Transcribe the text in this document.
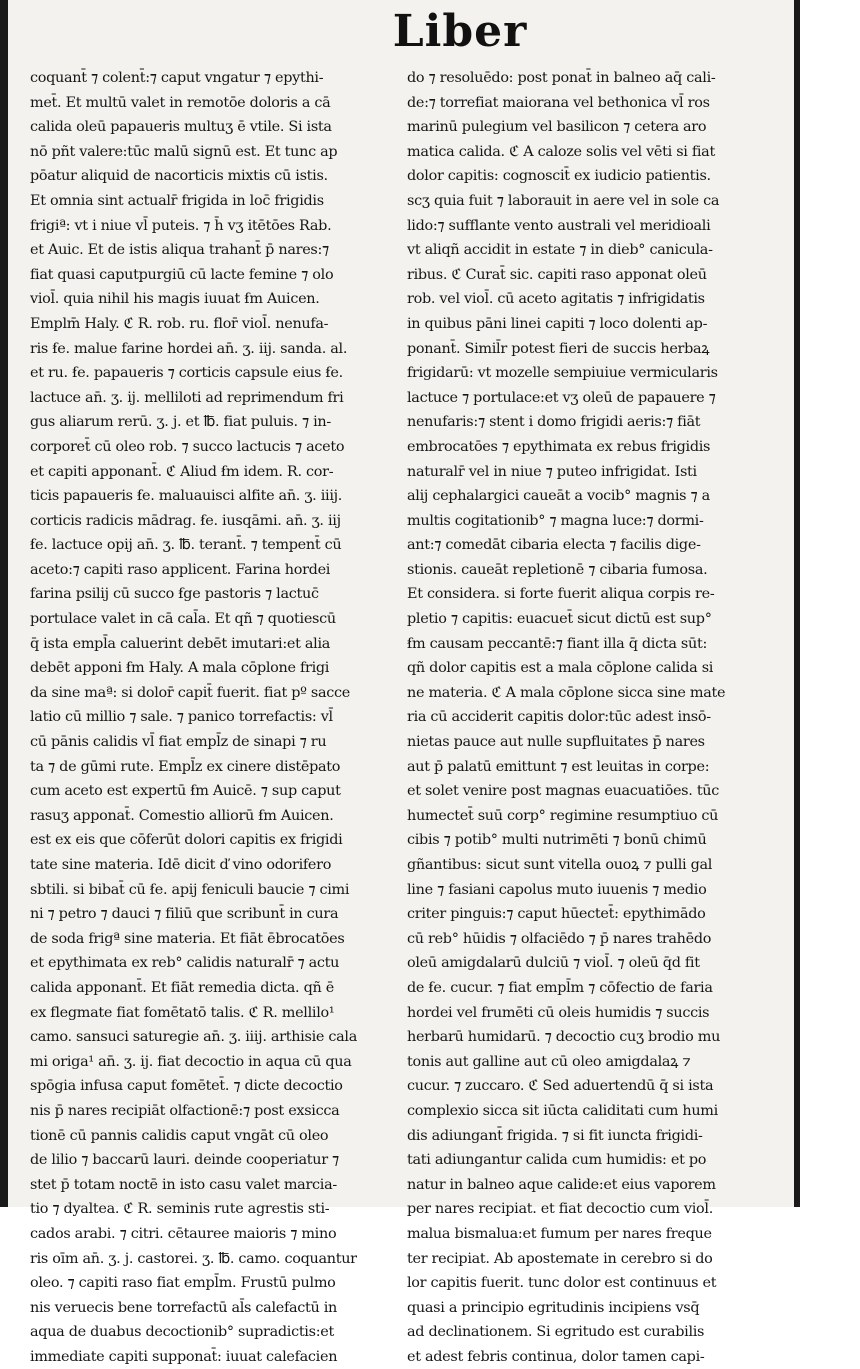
Liber
coquant̄ ⁊ colent̄:⁊ caput vngatur ⁊ epythi-
met̄. Et multū valet in remotōe doloris a cā
calida oleū papaueris multuʒ ē vtile. Si ista
nō pñt valere:tūc malū signū est. Et tunc ap
pōatur aliquid de nacorticis mixtis cū istis.
Et omnia sint actualr̄ frigida in loc̄ frigidis
frigiª: vt i niue vl̄ puteis. ⁊ h̄ vʒ itētōes Rab.
et Auic. Et de istis aliqua trahant̄ p̄ nares:⁊
fiat quasi caputpurgiū cū lacte femine ⁊ olo
viol̄. quia nihil his magis iuuat ẜm Auicen.
Emplm̄ Haly. ℭ R. rob. ru. flor̄ viol̄. nenufa-
ris ẜe. malue farine hordei an̄. ʒ. iij. sanda. al.
et ru. ẜe. papaueris ⁊ corticis capsule eius ẜe.
lactuce an̄. ʒ. ij. melliloti ad reprimendum fri
gus aliarum rerū. ʒ. j. et ℔. fiat puluis. ⁊ in-
corporet̄ cū oleo rob. ⁊ succo lactucis ⁊ aceto
et capiti apponant̄. ℭ Aliud ẜm idem. R. cor-
ticis papaueris ẜe. maluauisci alfite an̄. ʒ. iiij.
corticis radicis mādrag. ẜe. iusqāmi. an̄. ʒ. iij
ẜe. lactuce opij an̄. ʒ. ℔. terant̄. ⁊ tempent̄ cū
aceto:⁊ capiti raso applicent. Farina hordei
farina psilij cū succo ẜge pastoris ⁊ lactuc̄
portulace valet in cā cal̄a. Et qñ ⁊ quotiescū
q̄ ista empl̄a caluerint debēt imutari:et alia
debēt apponi ẜm Haly. A mala cōplone frigi
da sine maª: si dolor̄ capit̄ fuerit. fiat pº sacce
latio cū millio ⁊ sale. ⁊ panico torrefactis: vl̄
cū pānis calidis vl̄ fiat empl̄z de sinapi ⁊ ru
ta ⁊ de gūmi rute. Empl̄z ex cinere distēpato
cum aceto est expertū ẜm Auicē. ⁊ sup caput
rasuʒ apponat̄. Comestio alliorū ẜm Auicen.
est ex eis que cōferūt dolori capitis ex frigidi
tate sine materia. Idē dicit ď vino odorifero
sbtili. si bibat̄ cū ẜe. apij feniculi baucie ⁊ cimi
ni ⁊ petro ⁊ dauci ⁊ filiū que scribunt̄ in cura
de soda frigª sine materia. Et fiāt ēbrocatōes
et epythimata ex reb° calidis naturalr̄ ⁊ actu
calida apponant̄. Et fiāt remedia dicta. qñ ē
ex flegmate fiat fomētatō talis. ℭ R. mellilo¹
camo. sansuci saturegie an̄. ʒ. iiij. arthisie cala
mi origa¹ an̄. ʒ. ij. fiat decoctio in aqua cū qua
spōgia infusa caput fomētet̄. ⁊ dicte decoctio
nis p̄ nares recipiāt olfactionē:⁊ post exsicca
tionē cū pannis calidis caput vngāt cū oleo
de lilio ⁊ baccarū lauri. deinde cooperiatur ⁊
stet p̄ totam noctē in isto casu valet marcia-
tio ⁊ dyaltea. ℭ R. seminis rute agrestis sti-
cados arabi. ⁊ citri. cētauree maioris ⁊ mino
ris oīm an̄. ʒ. j. castorei. ʒ. ℔. camo. coquantur
oleo. ⁊ capiti raso fiat empl̄m. Frustū pulmo
nis veruecis bene torrefactū al̄s calefactū in
aqua de duabus decoctionib° supradictis:et
immediate capiti supponat̄: iuuat calefacien
do ⁊ resoluēdo: post ponat̄ in balneo aq̄ cali-
de:⁊ torrefiat maiorana vel bethonica vl̄ ros
marinū pulegium vel basilicon ⁊ cetera aro
matica calida. ℭ A caloze solis vel vēti si fiat
dolor capitis: cognoscit̄ ex iudicio patientis.
scʒ quia fuit ⁊ laborauit in aere vel in sole ca
lido:⁊ sufflante vento australi vel meridioali
vt aliqñ accidit in estate ⁊ in dieb° canicula-
ribus. ℭ Curat̄ sic. capiti raso apponat oleū
rob. vel viol̄. cū aceto agitatis ⁊ infrigidatis
in quibus pāni linei capiti ⁊ loco dolenti ap-
ponant̄. Simil̄r potest fieri de succis herbaꝝ
frigidarū: vt mozelle sempiuiue vermicularis
lactuce ⁊ portulace:et vʒ oleū de papauere ⁊
nenufaris:⁊ stent i domo frigidi aeris:⁊ fiāt
embrocatōes ⁊ epythimata ex rebus frigidis
naturalr̄ vel in niue ⁊ puteo infrigidat. Isti
alij cephalargici caueāt a vocib° magnis ⁊ a
multis cogitationib° ⁊ magna luce:⁊ dormi-
ant:⁊ comedāt cibaria electa ⁊ facilis dige-
stionis. caueāt repletionē ⁊ cibaria fumosa.
Et considera. si forte fuerit aliqua corpis re-
pletio ⁊ capitis: euacuet̄ sicut dictū est sup°
ẜm causam peccantē:⁊ fiant illa q̄ dicta sūt:
qñ dolor capitis est a mala cōplone calida si
ne materia. ℭ A mala cōplone sicca sine mate
ria cū acciderit capitis dolor:tūc adest insō-
nietas pauce aut nulle supfluitates p̄ nares
aut p̄ palatū emittunt ⁊ est leuitas in corpe:
et solet venire post magnas euacuatiōes. tūc
humectet̄ suū corp° regimine resumptiuo cū
cibis ⁊ potib° multi nutrimēti ⁊ bonū chimū
gñantibus: sicut sunt vitella ouoꝝ ⁊ pulli gal
line ⁊ fasiani capolus muto iuuenis ⁊ medio
criter pinguis:⁊ caput hūectet̄: epythimādo
cū reb° hūidis ⁊ olfaciēdo ⁊ p̄ nares trahēdo
oleū amigdalarū dulciū ⁊ viol̄. ⁊ oleū q̄d fit
de ẜe. cucur. ⁊ fiat empl̄m ⁊ cōfectio de faria
hordei vel frumēti cū oleis humidis ⁊ succis
herbarū humidarū. ⁊ decoctio cuʒ brodio mu
tonis aut galline aut cū oleo amigdalaꝝ ⁊
cucur. ⁊ zuccaro. ℭ Sed aduertendū q̄ si ista
complexio sicca sit iūcta caliditati cum humi
dis adiungant̄ frigida. ⁊ si fit iuncta frigidi-
tati adiungantur calida cum humidis: et po
natur in balneo aque calide:et eius vaporem
per nares recipiat. et fiat decoctio cum viol̄.
malua bismalua:et fumum per nares freque
ter recipiat. Ab apostemate in cerebro si do
lor capitis fuerit. tunc dolor est continuus et
quasi a principio egritudinis incipiens vsq̄
ad declinationem. Si egritudo est curabilis
et adest febris continua, dolor tamen capi-
